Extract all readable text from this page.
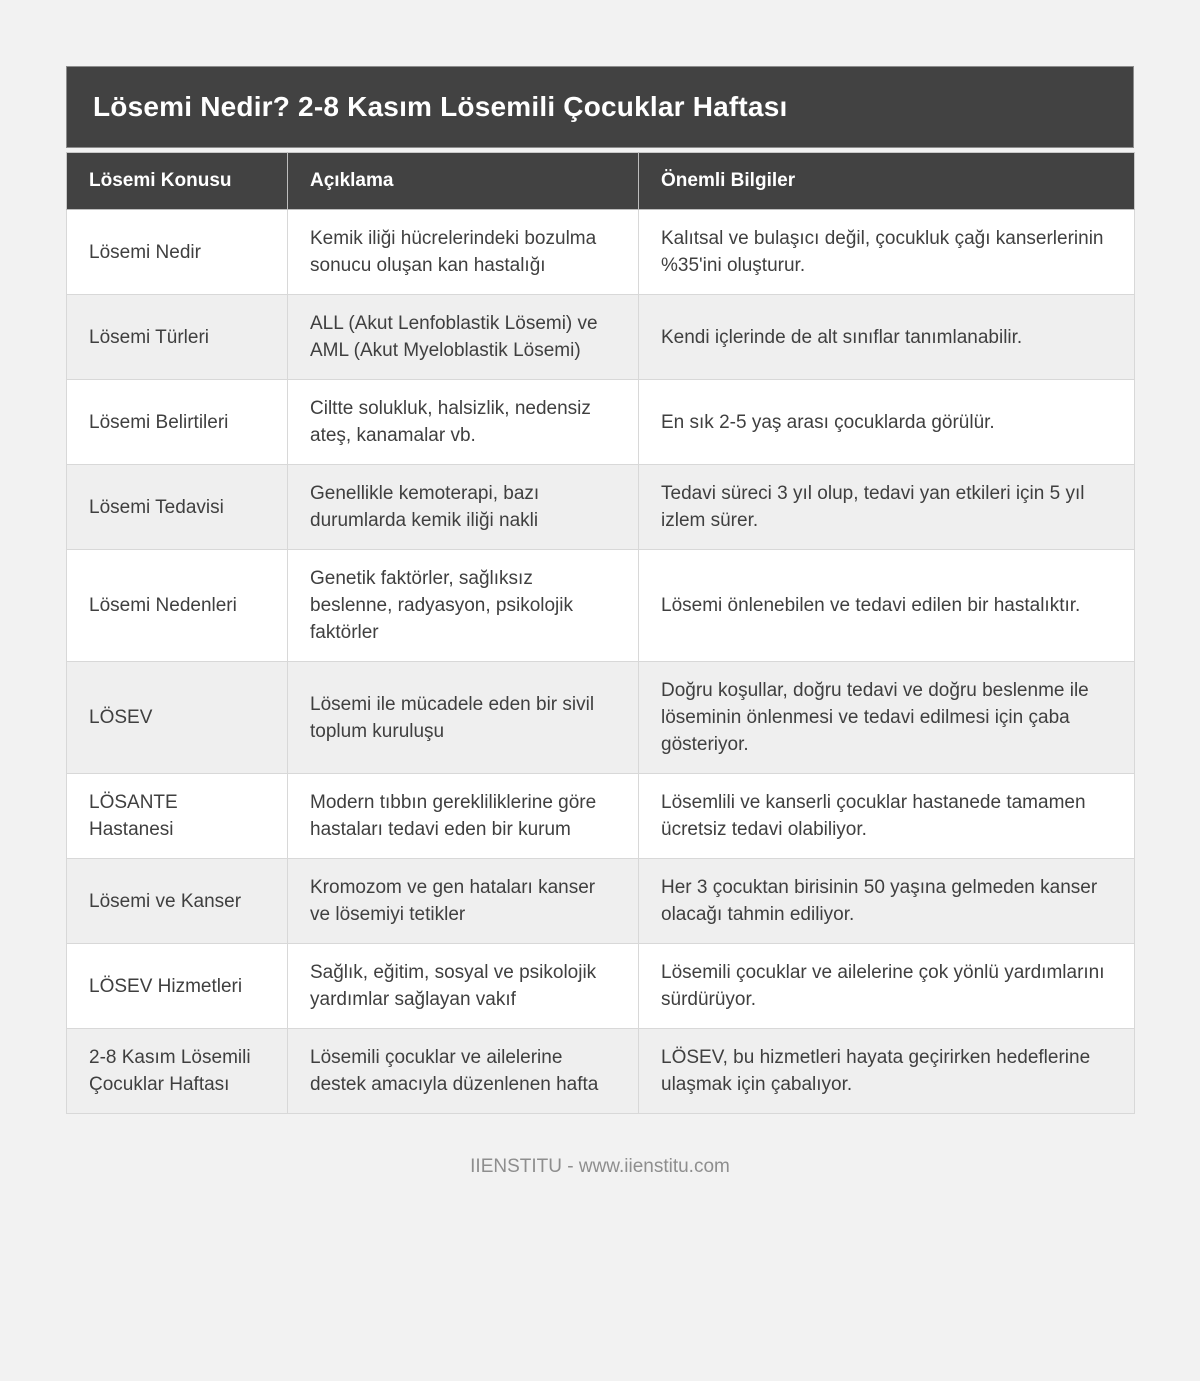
Lösemi Nedir? 2-8 Kasım Lösemili Çocuklar Haftası
Lösemi Konusu	Açıklama	Önemli Bilgiler
Lösemi Nedir	Kemik iliği hücrelerindeki bozulma sonucu oluşan kan hastalığı	Kalıtsal ve bulaşıcı değil, çocukluk çağı kanserlerinin %35'ini oluşturur.
Lösemi Türleri	ALL (Akut Lenfoblastik Lösemi) ve AML (Akut Myeloblastik Lösemi)	Kendi içlerinde de alt sınıflar tanımlanabilir.
Lösemi Belirtileri	Ciltte solukluk, halsizlik, nedensiz ateş, kanamalar vb.	En sık 2-5 yaş arası çocuklarda görülür.
Lösemi Tedavisi	Genellikle kemoterapi, bazı durumlarda kemik iliği nakli	Tedavi süreci 3 yıl olup, tedavi yan etkileri için 5 yıl izlem sürer.
Lösemi Nedenleri	Genetik faktörler, sağlıksız beslenne, radyasyon, psikolojik faktörler	Lösemi önlenebilen ve tedavi edilen bir hastalıktır.
LÖSEV	Lösemi ile mücadele eden bir sivil toplum kuruluşu	Doğru koşullar, doğru tedavi ve doğru beslenme ile löseminin önlenmesi ve tedavi edilmesi için çaba gösteriyor.
LÖSANTE Hastanesi	Modern tıbbın gerekliliklerine göre hastaları tedavi eden bir kurum	Lösemlili ve kanserli çocuklar hastanede tamamen ücretsiz tedavi olabiliyor.
Lösemi ve Kanser	Kromozom ve gen hataları kanser ve lösemiyi tetikler	Her 3 çocuktan birisinin 50 yaşına gelmeden kanser olacağı tahmin ediliyor.
LÖSEV Hizmetleri	Sağlık, eğitim, sosyal ve psikolojik yardımlar sağlayan vakıf	Lösemili çocuklar ve ailelerine çok yönlü yardımlarını sürdürüyor.
2-8 Kasım Lösemili Çocuklar Haftası	Lösemili çocuklar ve ailelerine destek amacıyla düzenlenen hafta	LÖSEV, bu hizmetleri hayata geçirirken hedeflerine ulaşmak için çabalıyor.
IIENSTITU - www.iienstitu.com
